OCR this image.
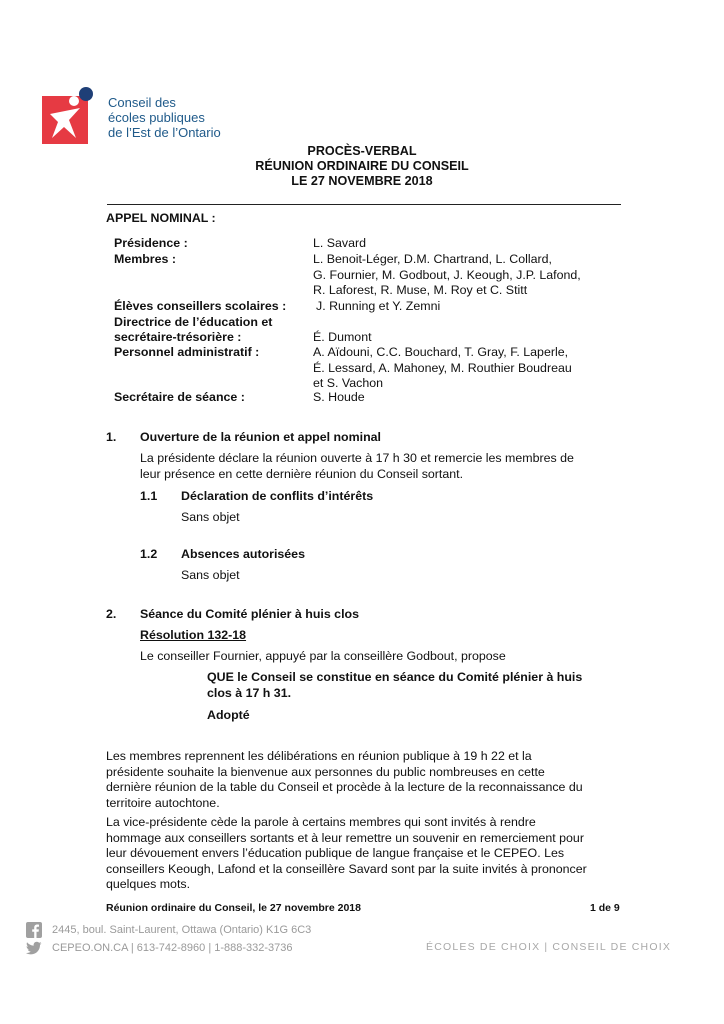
Conseil des
écoles publiques
de l’Est de l’Ontario
PROCÈS-VERBAL
RÉUNION ORDINAIRE DU CONSEIL
LE 27 NOVEMBRE 2018
APPEL NOMINAL :
Présidence :	L. Savard
Membres :	L. Benoit-Léger, D.M. Chartrand, L. Collard,
G. Fournier, M. Godbout, J. Keough, J.P. Lafond,
R. Laforest, R. Muse, M. Roy et C. Stitt
Élèves conseillers scolaires : J. Running et Y. Zemni
Directrice de l’éducation et
secrétaire-trésorière :	É. Dumont
Personnel administratif :	A. Aïdouni, C.C. Bouchard, T. Gray, F. Laperle,
É. Lessard, A. Mahoney, M. Routhier Boudreau
et S. Vachon
Secrétaire de séance :	S. Houde
1. Ouverture de la réunion et appel nominal
La présidente déclare la réunion ouverte à 17 h 30 et remercie les membres de
leur présence en cette dernière réunion du Conseil sortant.
1.1 Déclaration de conflits d’intérêts
Sans objet
1.2 Absences autorisées
Sans objet
2. Séance du Comité plénier à huis clos
Résolution 132-18
Le conseiller Fournier, appuyé par la conseillère Godbout, propose
QUE le Conseil se constitue en séance du Comité plénier à huis
clos à 17 h 31.
Adopté
Les membres reprennent les délibérations en réunion publique à 19 h 22 et la
présidente souhaite la bienvenue aux personnes du public nombreuses en cette
dernière réunion de la table du Conseil et procède à la lecture de la reconnaissance du
territoire autochtone.
La vice-présidente cède la parole à certains membres qui sont invités à rendre
hommage aux conseillers sortants et à leur remettre un souvenir en remerciement pour
leur dévouement envers l’éducation publique de langue française et le CEPEO. Les
conseillers Keough, Lafond et la conseillère Savard sont par la suite invités à prononcer
quelques mots.
Réunion ordinaire du Conseil, le 27 novembre 2018	1 de 9
2445, boul. Saint-Laurent, Ottawa (Ontario) K1G 6C3
CEPEO.ON.CA | 613-742-8960 | 1-888-332-3736	ÉCOLES DE CHOIX | CONSEIL DE CHOIX
